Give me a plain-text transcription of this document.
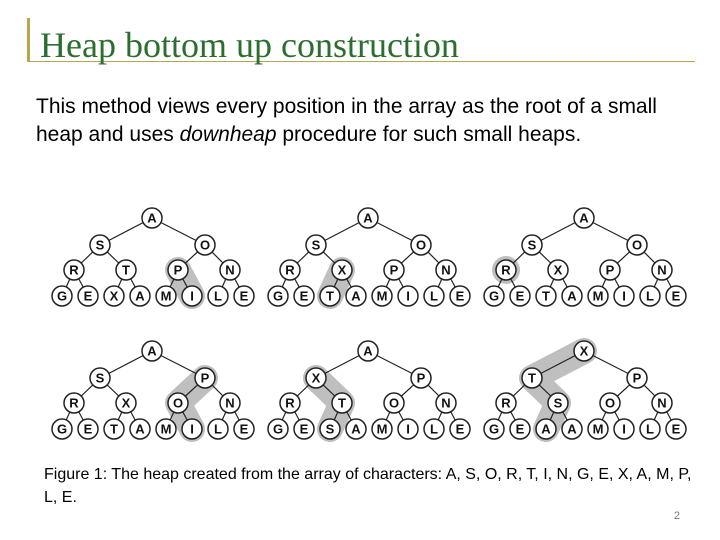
Heap bottom up construction
This method views every position in the array as the root of a small heap and uses downheap procedure for such small heaps.
A
S	O
R	T	P	N
G E X A M I L E
A
S	O
R	X	P	N
G E T A M I L E
A
S	O
R	X	P	N
G E T A M I L E
A
S	P
R	X	O	N
G E T A M I L E
A
X	P
R	T	O	N
G E S A M I L E
X
T	P
R	S	O	N
G E A A M I L E
Figure 1: The heap created from the array of characters: A, S, O, R, T, I, N, G, E, X, A, M, P, L, E.
2
